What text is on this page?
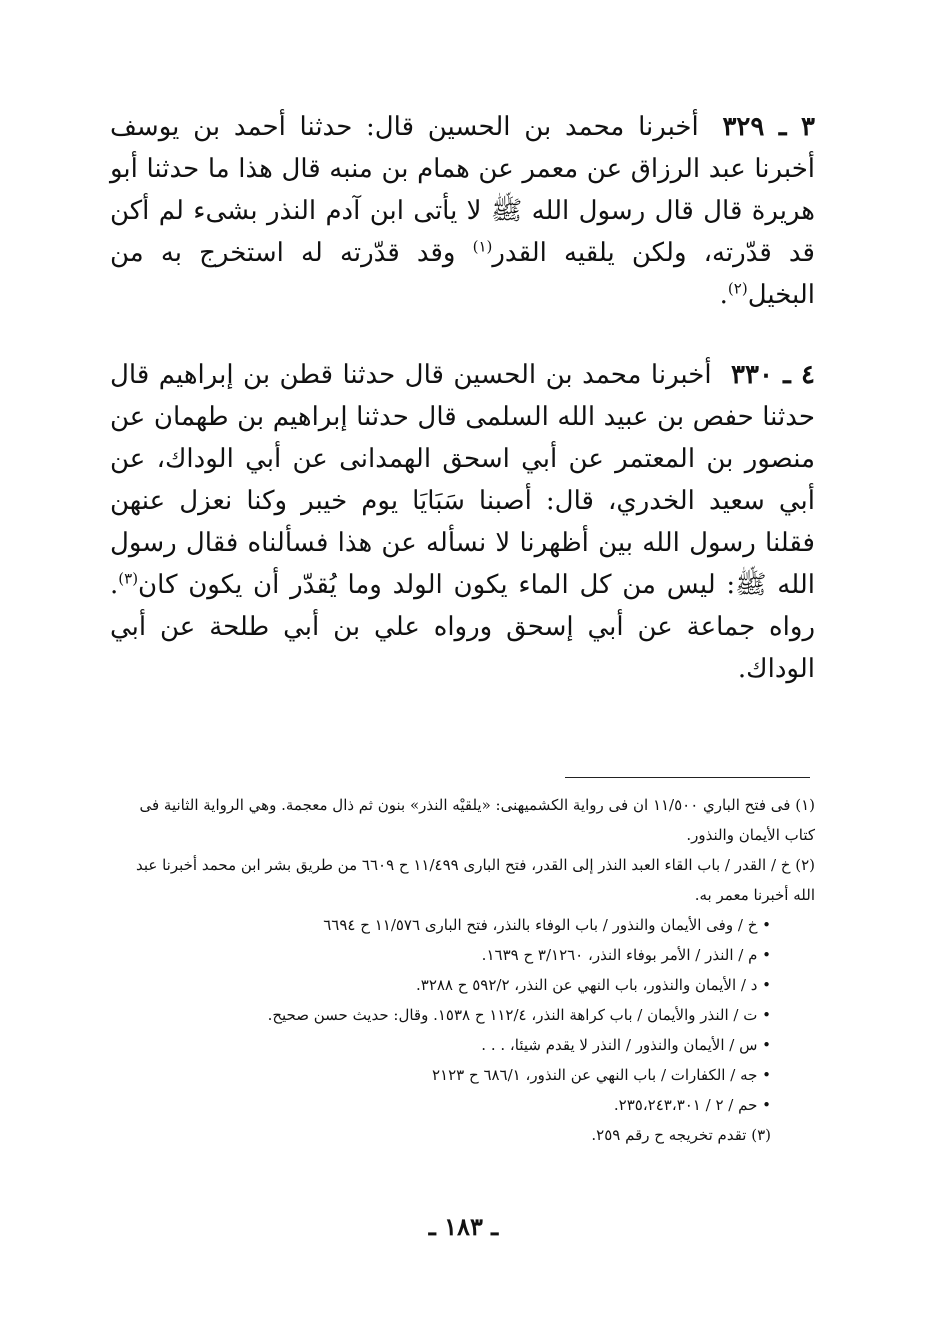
٣ ـ ٣٢٩ أخبرنا محمد بن الحسين قال: حدثنا أحمد بن يوسف أخبرنا عبد الرزاق عن معمر عن همام بن منبه قال هذا ما حدثنا أبو هريرة قال قال رسول الله ﷺ لا يأتى ابن آدم النذر بشىء لم أكن قد قدّرته، ولكن يلقيه القدر$^{(١)}$ وقد قدّرته له استخرج به من البخيل$^{(٢)}$.

٤ ـ ٣٣٠ أخبرنا محمد بن الحسين قال حدثنا قطن بن إبراهيم قال حدثنا حفص بن عبيد الله السلمى قال حدثنا إبراهيم بن طهمان عن منصور بن المعتمر عن أبي اسحق الهمدانى عن أبي الوداك، عن أبي سعيد الخدري، قال: أصبنا سَبَايَا يوم خيبر وكنا نعزل عنهن فقلنا رسول الله بين أظهرنا لا نسأله عن هذا فسألناه فقال رسول الله ﷺ: ليس من كل الماء يكون الولد وما يُقدّر أن يكون كان$^{(٣)}$. رواه جماعة عن أبي إسحق ورواه علي بن أبي طلحة عن أبي الوداك.

(١) فى فتح الباري ١١/٥٠٠ ان فى رواية الكشميهنى: «يلقيْه النذر» بنون ثم ذال معجمة. وهي الرواية الثانية فى كتاب الأيمان والنذور.

(٢) خ / القدر / باب القاء العبد النذر إلى القدر، فتح البارى ١١/٤٩٩ ح ٦٦٠٩ من طريق بشر ابن محمد أخبرنا عبد الله أخبرنا معمر به.

• خ / وفى الأيمان والنذور / باب الوفاء بالنذر، فتح البارى ١١/٥٧٦ ح ٦٦٩٤

• م / النذر / الأمر بوفاء النذر، ٣/١٢٦٠ ح ١٦٣٩.

• د / الأيمان والنذور، باب النهي عن النذر، ٥٩٢/٢ ح ٣٢٨٨.

• ت / النذر والأيمان / باب كراهة النذر، ١١٢/٤ ح ١٥٣٨. وقال: حديث حسن صحيح.

• س / الأيمان والنذور / النذر لا يقدم شيئا، . . .

• جه / الكفارات / باب النهي عن النذور، ٦٨٦/١ ح ٢١٢٣

• حم / ٢ / ٢٣٥،٢٤٣،٣٠١.

(٣) تقدم تخريجه ح رقم ٢٥٩.

ـ ١٨٣ ـ
